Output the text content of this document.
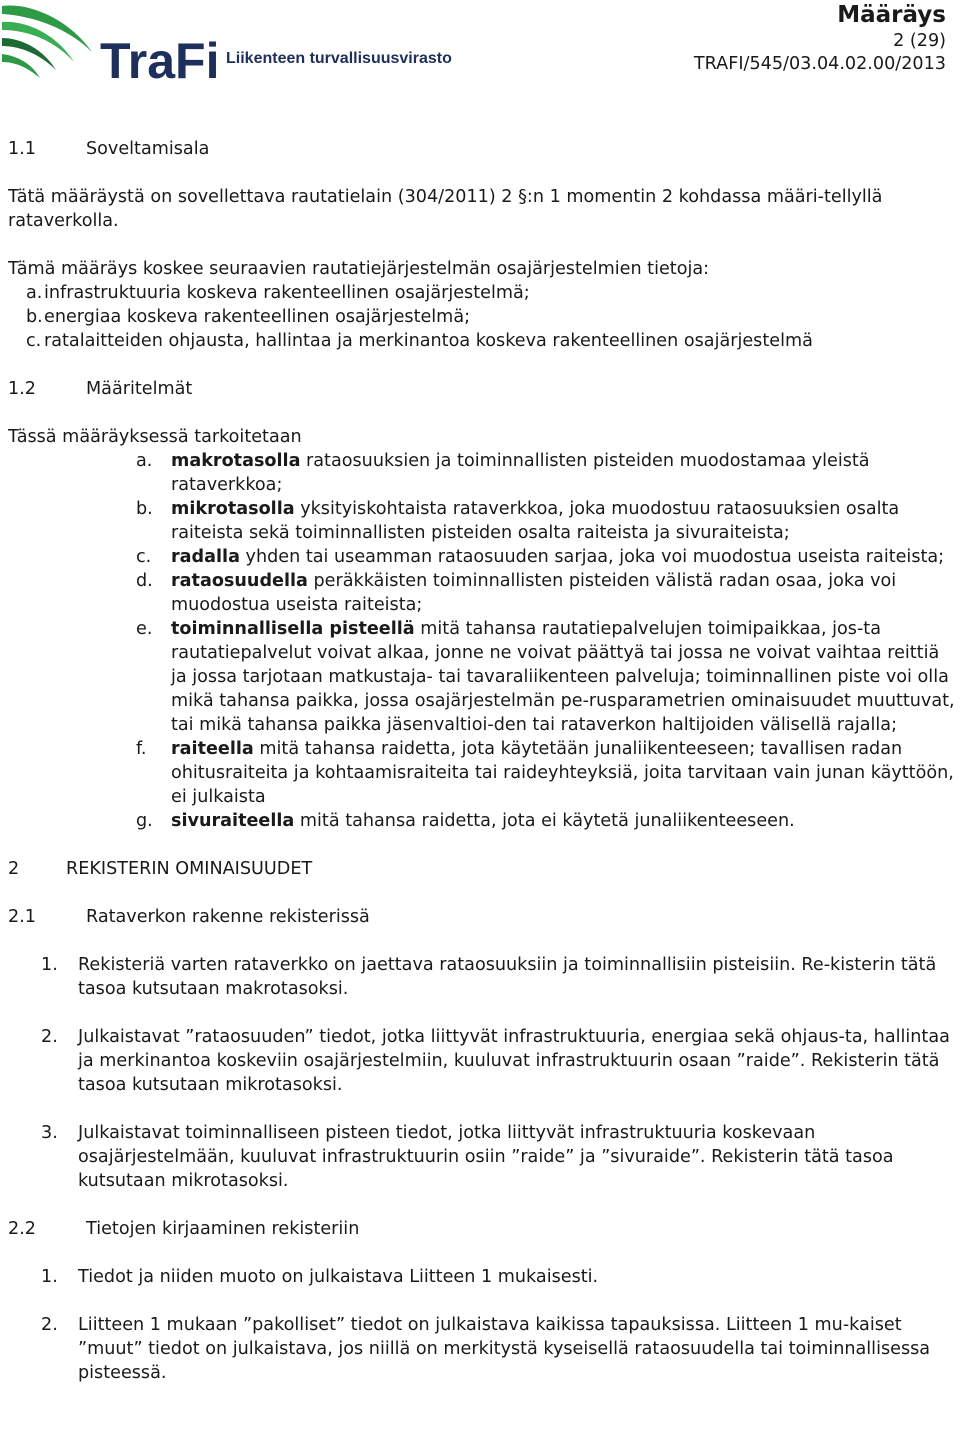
TraFi Liikenteen turvallisuusvirasto
Määräys
2 (29)
TRAFI/545/03.04.02.00/2013
1.1	Soveltamisala

Tätä määräystä on sovellettava rautatielain (304/2011) 2 §:n 1 momentin 2 kohdassa määri-tellyllä rataverkolla.

Tämä määräys koskee seuraavien rautatiejärjestelmän osajärjestelmien tietoja:

a. infrastruktuuria koskeva rakenteellinen osajärjestelmä;
b. energiaa koskeva rakenteellinen osajärjestelmä;
c. ratalaitteiden ohjausta, hallintaa ja merkinantoa koskeva rakenteellinen osajärjestelmä
1.2	Määritelmät

Tässä määräyksessä tarkoitetaan

a.	makrotasolla rataosuuksien ja toiminnallisten pisteiden muodostamaa yleistä rataverkkoa;
b.	mikrotasolla yksityiskohtaista rataverkkoa, joka muodostuu rataosuuksien osalta raiteista sekä toiminnallisten pisteiden osalta raiteista ja sivuraiteista;
c.	radalla yhden tai useamman rataosuuden sarjaa, joka voi muodostua useista raiteista;
d.	rataosuudella peräkkäisten toiminnallisten pisteiden välistä radan osaa, joka voi muodostua useista raiteista;
e.	toiminnallisella pisteellä mitä tahansa rautatiepalvelujen toimipaikkaa, jos-ta rautatiepalvelut voivat alkaa, jonne ne voivat päättyä tai jossa ne voivat vaihtaa reittiä ja jossa tarjotaan matkustaja- tai tavaraliikenteen palveluja; toiminnallinen piste voi olla mikä tahansa paikka, jossa osajärjestelmän pe-rusparametrien ominaisuudet muuttuvat, tai mikä tahansa paikka jäsenvaltioi-den tai rataverkon haltijoiden välisellä rajalla;
f.	raiteella mitä tahansa raidetta, jota käytetään junaliikenteeseen; tavallisen radan ohitusraiteita ja kohtaamisraiteita tai raideyhteyksiä, joita tarvitaan vain junan käyttöön, ei julkaista
g.	sivuraiteella mitä tahansa raidetta, jota ei käytetä junaliikenteeseen.
2	REKISTERIN OMINAISUUDET
2.1	Rataverkon rakenne rekisterissä
1.	Rekisteriä varten rataverkko on jaettava rataosuuksiin ja toiminnallisiin pisteisiin. Re-kisterin tätä tasoa kutsutaan makrotasoksi.
2.	Julkaistavat ”rataosuuden” tiedot, jotka liittyvät infrastruktuuria, energiaa sekä ohjaus-ta, hallintaa ja merkinantoa koskeviin osajärjestelmiin, kuuluvat infrastruktuurin osaan ”raide”. Rekisterin tätä tasoa kutsutaan mikrotasoksi.
3.	Julkaistavat toiminnalliseen pisteen tiedot, jotka liittyvät infrastruktuuria koskevaan osajärjestelmään, kuuluvat infrastruktuurin osiin ”raide” ja ”sivuraide”. Rekisterin tätä tasoa kutsutaan mikrotasoksi.
2.2	Tietojen kirjaaminen rekisteriin
1.	Tiedot ja niiden muoto on julkaistava Liitteen 1 mukaisesti.
2.	Liitteen 1 mukaan ”pakolliset” tiedot on julkaistava kaikissa tapauksissa. Liitteen 1 mu-kaiset ”muut” tiedot on julkaistava, jos niillä on merkitystä kyseisellä rataosuudella tai toiminnallisessa pisteessä.
